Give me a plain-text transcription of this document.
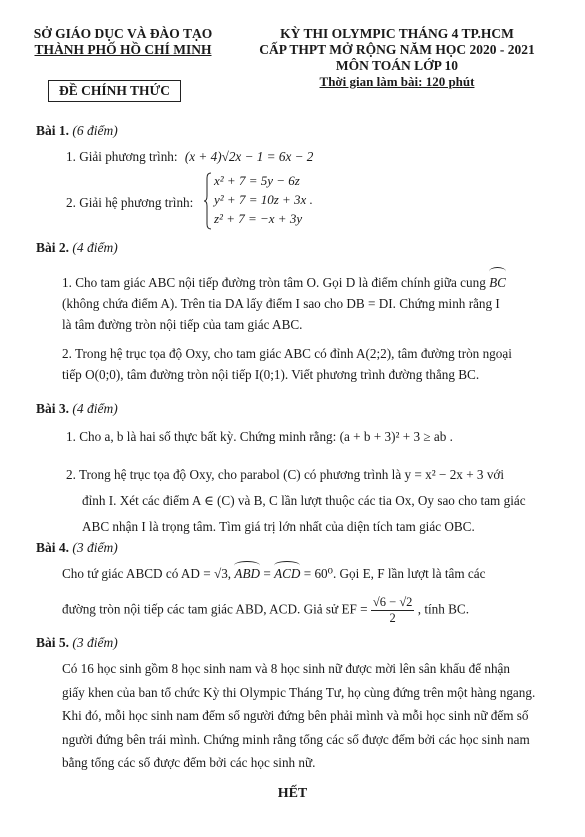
SỞ GIÁO DỤC VÀ ĐÀO TẠO
THÀNH PHỐ HỒ CHÍ MINH
ĐỀ CHÍNH THỨC
KỲ THI OLYMPIC THÁNG 4 TP.HCM
CẤP THPT MỞ RỘNG NĂM HỌC 2020 - 2021
MÔN TOÁN LỚP 10
Thời gian làm bài: 120 phút
Bài 1. (6 điểm)
1. Giải phương trình: (x + 4)√2x − 1 = 6x − 2
2. Giải hệ phương trình:
x² + 7 = 5y − 6z
y² + 7 = 10z + 3x .
z² + 7 = −x + 3y
Bài 2. (4 điểm)
1. Cho tam giác ABC nội tiếp đường tròn tâm O. Gọi D là điểm chính giữa cung BC
(không chứa điểm A). Trên tia DA lấy điểm I sao cho DB = DI. Chứng minh rằng I
là tâm đường tròn nội tiếp của tam giác ABC.
2. Trong hệ trục tọa độ Oxy, cho tam giác ABC có đỉnh A(2;2), tâm đường tròn ngoại
tiếp O(0;0), tâm đường tròn nội tiếp I(0;1). Viết phương trình đường thẳng BC.
Bài 3. (4 điểm)
1. Cho a, b là hai số thực bất kỳ. Chứng minh rằng: (a + b + 3)² + 3 ≥ ab .
2. Trong hệ trục tọa độ Oxy, cho parabol (C) có phương trình là y = x² − 2x + 3 với
đỉnh I. Xét các điểm A ∈ (C) và B, C lần lượt thuộc các tia Ox, Oy sao cho tam giác
ABC nhận I là trọng tâm. Tìm giá trị lớn nhất của diện tích tam giác OBC.
Bài 4. (3 điểm)
Cho tứ giác ABCD có AD = √3, ABD = ACD = 60⁰. Gọi E, F lần lượt là tâm các
đường tròn nội tiếp các tam giác ABD, ACD. Giả sử EF = $\frac{√6 - √2}{2}$ , tính BC.
Bài 5. (3 điểm)
Có 16 học sinh gồm 8 học sinh nam và 8 học sinh nữ được mời lên sân khấu để nhận
giấy khen của ban tổ chức Kỳ thi Olympic Tháng Tư, họ cùng đứng trên một hàng ngang.
Khi đó, mỗi học sinh nam đếm số người đứng bên phải mình và mỗi học sinh nữ đếm số
người đứng bên trái mình. Chứng minh rằng tổng các số được đếm bởi các học sinh nam
bằng tổng các số được đếm bởi các học sinh nữ.
HẾT
